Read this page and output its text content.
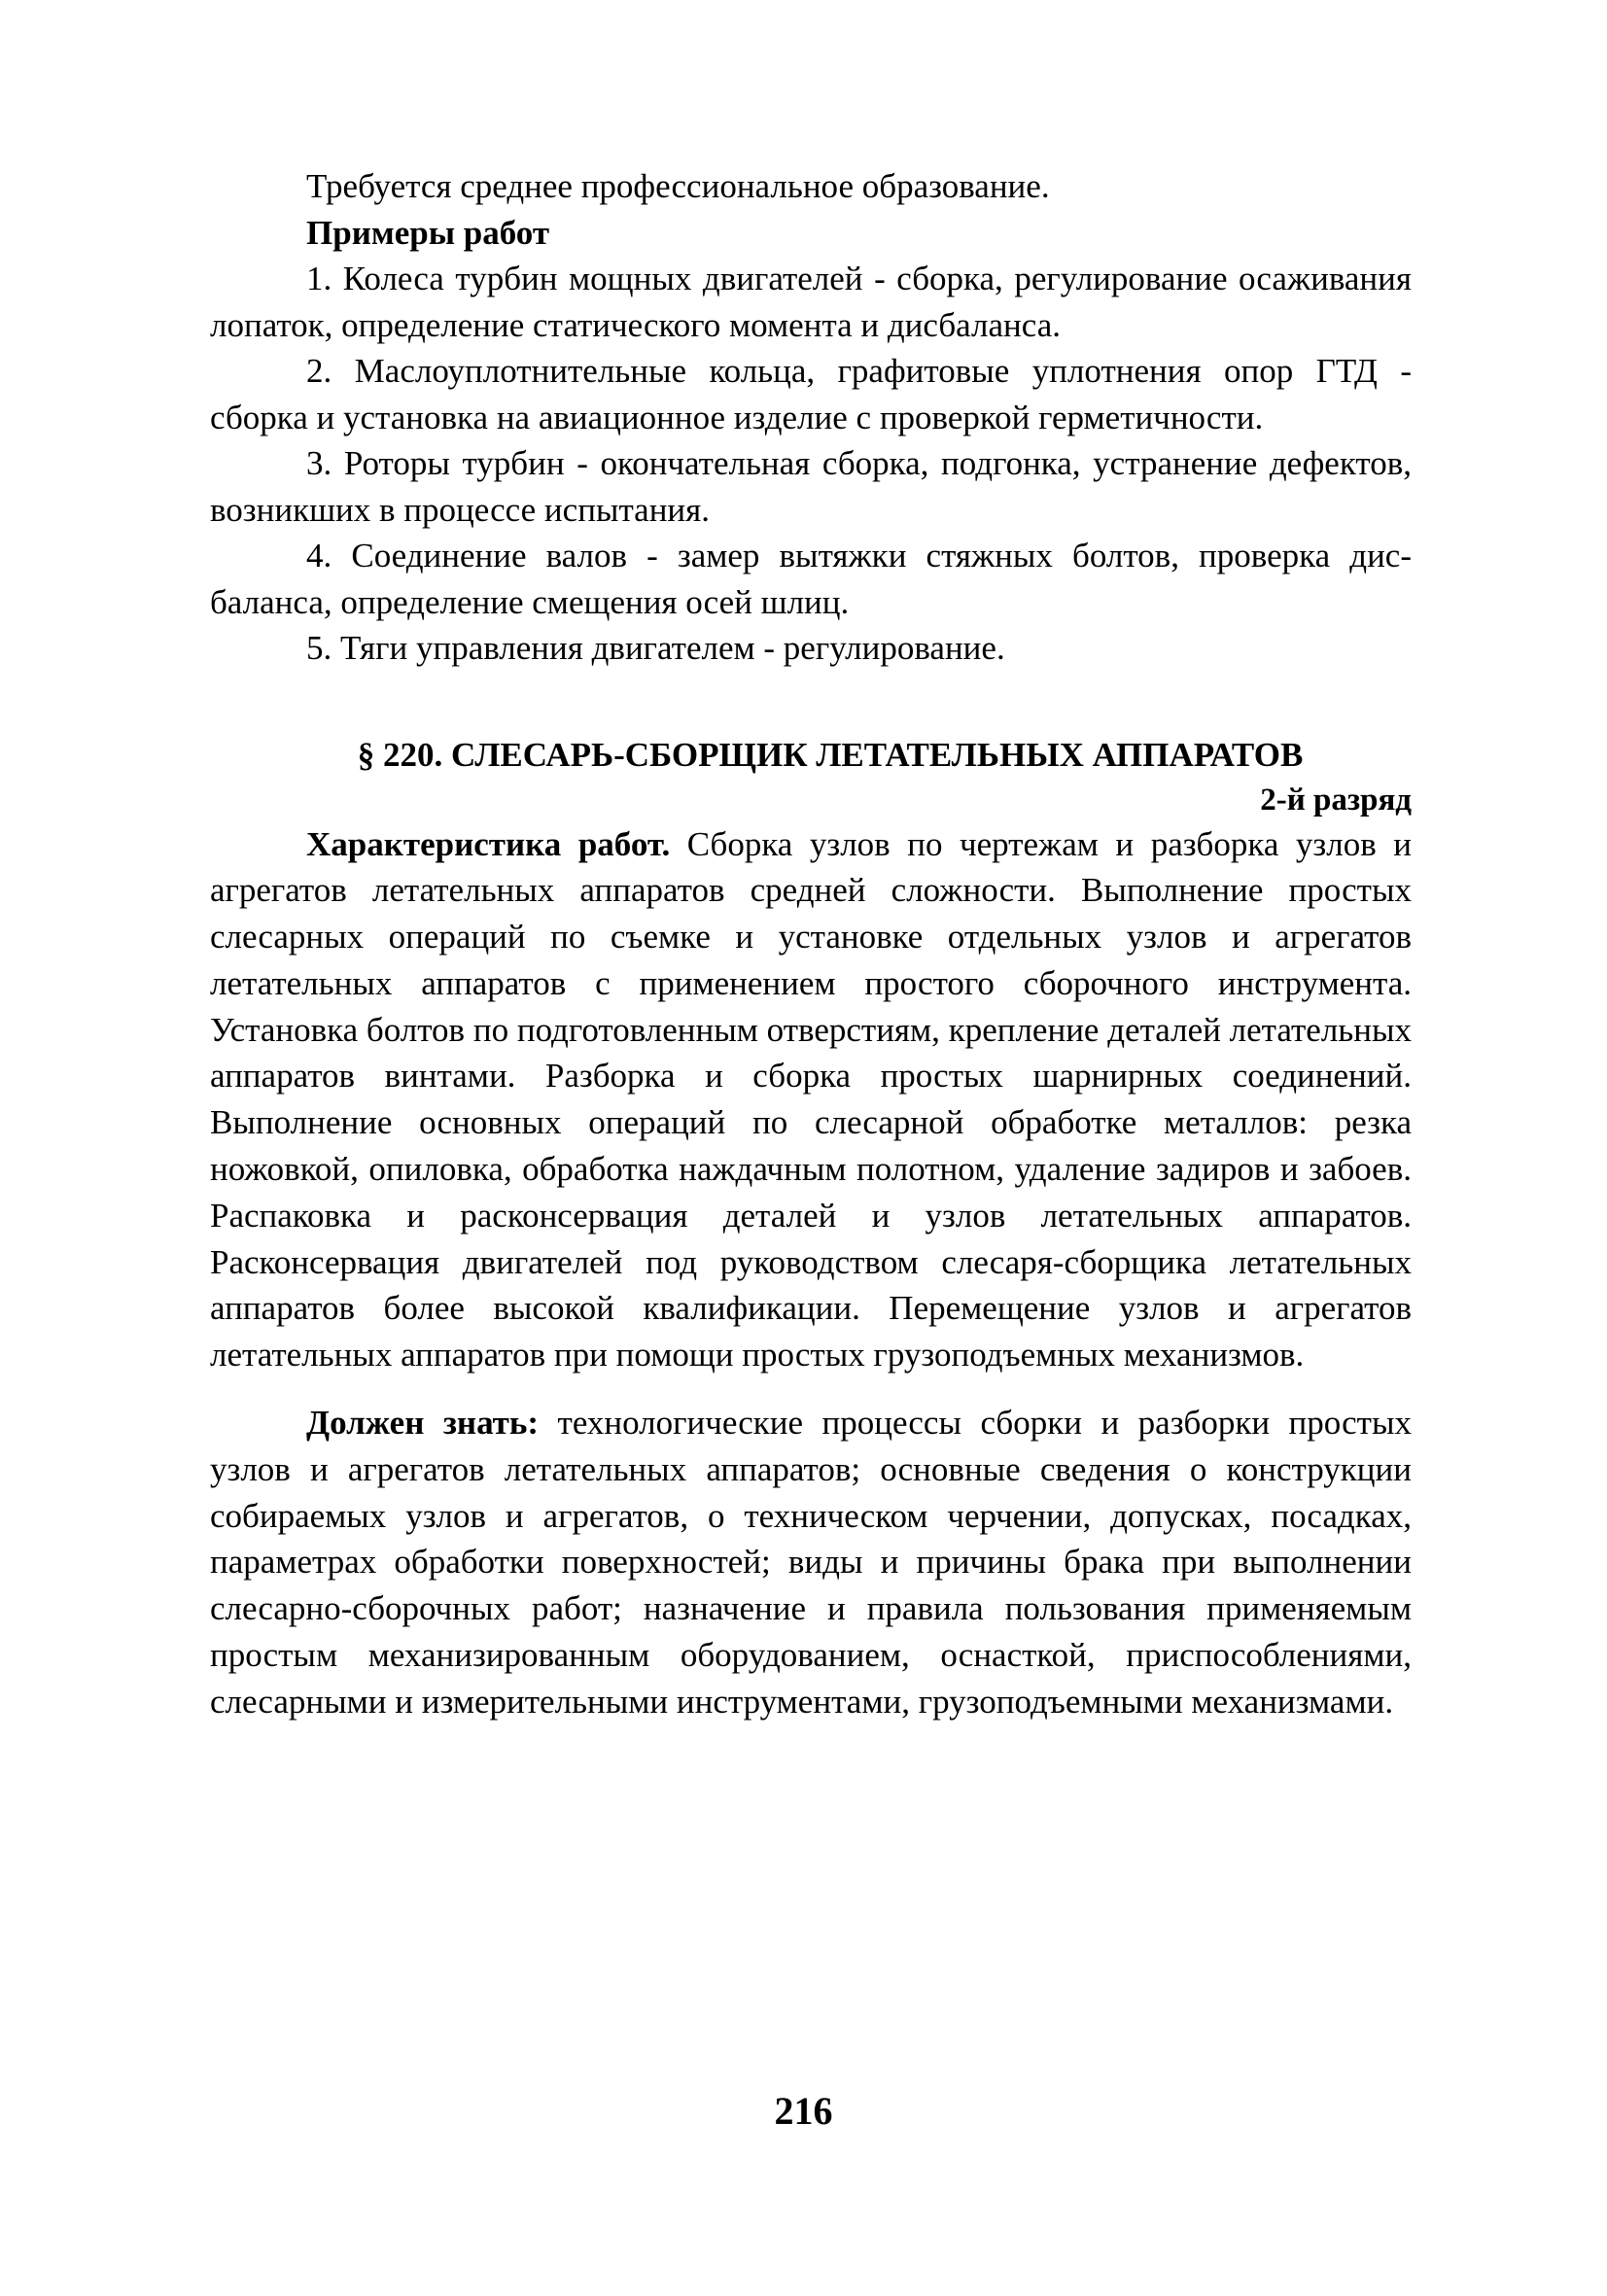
Требуется среднее профессиональное образование.

Примеры работ

1. Колеса турбин мощных двигателей - сборка, регулирование осаживания лопаток, определение статического момента и дисбаланса.

2. Маслоуплотнительные кольца, графитовые уплотнения опор ГТД - сборка и установка на авиационное изделие с проверкой герметичности.

3. Роторы турбин - окончательная сборка, подгонка, устранение дефектов, возникших в процессе испытания.

4. Соединение валов - замер вытяжки стяжных болтов, проверка дисбаланса, определение смещения осей шлиц.

5. Тяги управления двигателем - регулирование.

§ 220. СЛЕСАРЬ-СБОРЩИК ЛЕТАТЕЛЬНЫХ АППАРАТОВ

2-й разряд

Характеристика работ. Сборка узлов по чертежам и разборка узлов и агрегатов летательных аппаратов средней сложности. Выполнение простых слесарных операций по съемке и установке отдельных узлов и агрегатов летательных аппаратов с применением простого сборочного инструмента. Установка болтов по подготовленным отверстиям, крепление деталей летательных аппаратов винтами. Разборка и сборка простых шарнирных соединений. Выполнение основных операций по слесарной обработке металлов: резка ножовкой, опиловка, обработка наждачным полотном, удаление задиров и забоев. Распаковка и расконсервация деталей и узлов летательных аппаратов. Расконсервация двигателей под руководством слесаря-сборщика летательных аппаратов более высокой квалификации. Перемещение узлов и агрегатов летательных аппаратов при помощи простых грузоподъемных механизмов.

Должен знать: технологические процессы сборки и разборки простых узлов и агрегатов летательных аппаратов; основные сведения о конструкции собираемых узлов и агрегатов, о техническом черчении, допусках, посадках, параметрах обработки поверхностей; виды и причины брака при выполнении слесарно-сборочных работ; назначение и правила пользования применяемым простым механизированным оборудованием, оснасткой, приспособлениями, слесарными и измерительными инструментами, грузоподъемными механизмами.

216
